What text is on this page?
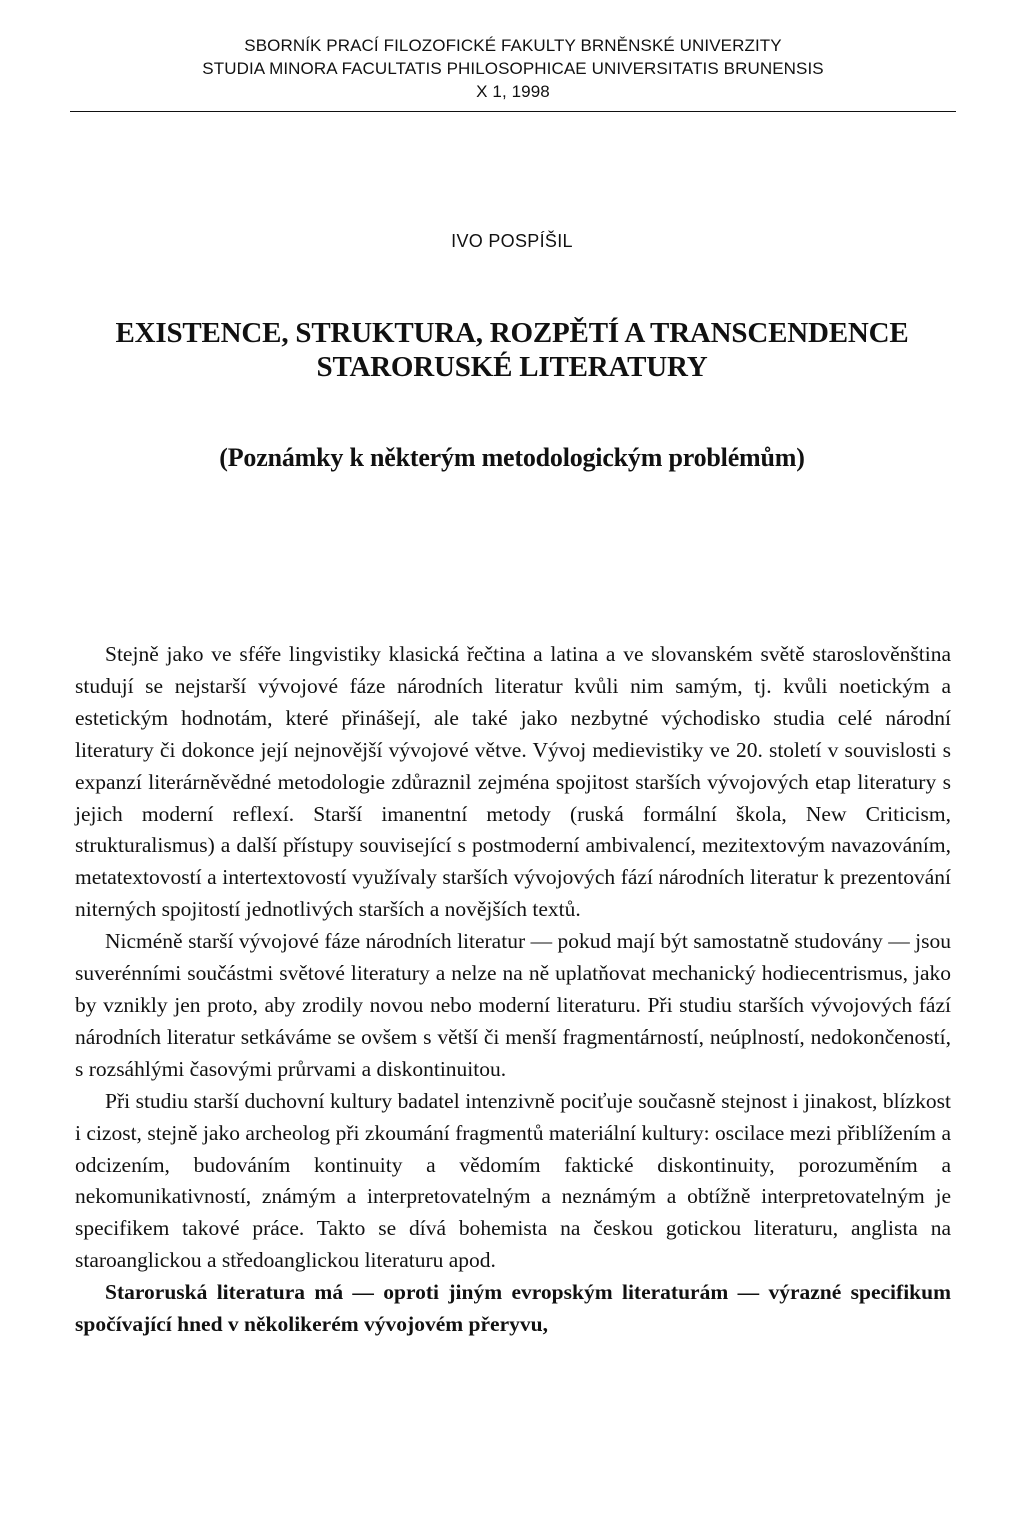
SBORNÍK PRACÍ FILOZOFICKÉ FAKULTY BRNĚNSKÉ UNIVERZITY
STUDIA MINORA FACULTATIS PHILOSOPHICAE UNIVERSITATIS BRUNENSIS
X 1, 1998
IVO POSPÍŠIL
EXISTENCE, STRUKTURA, ROZPĚTÍ A TRANSCENDENCE
STARORUSKÉ LITERATURY
(Poznámky k některým metodologickým problémům)

Stejně jako ve sféře lingvistiky klasická řečtina a latina a ve slovanském světě staroslověnština studují se nejstarší vývojové fáze národních literatur kvůli nim samým, tj. kvůli noetickým a estetickým hodnotám, které přinášejí, ale také jako nezbytné východisko studia celé národní literatury či dokonce její nejnovější vývojové větve. Vývoj medievistiky ve 20. století v souvislosti s expanzí literárněvědné metodologie zdůraznil zejména spojitost starších vývojových etap literatury s jejich moderní reflexí. Starší imanentní metody (ruská formální škola, New Criticism, strukturalismus) a další přístupy související s postmoderní ambivalencí, mezitextovým navazováním, metatextovostí a intertextovostí využívaly starších vývojových fází národních literatur k prezentování niterných spojitostí jednotlivých starších a novějších textů.

Nicméně starší vývojové fáze národních literatur — pokud mají být samostatně studovány — jsou suverénními součástmi světové literatury a nelze na ně uplatňovat mechanický hodiecentrismus, jako by vznikly jen proto, aby zrodily novou nebo moderní literaturu. Při studiu starších vývojových fází národních literatur setkáváme se ovšem s větší či menší fragmentárností, neúplností, nedokončeností, s rozsáhlými časovými průrvami a diskontinuitou.

Při studiu starší duchovní kultury badatel intenzivně pociťuje současně stejnost i jinakost, blízkost i cizost, stejně jako archeolog při zkoumání fragmentů materiální kultury: oscilace mezi přiblížením a odcizením, budováním kontinuity a vědomím faktické diskontinuity, porozuměním a nekomunikativností, známým a interpretovatelným a neznámým a obtížně interpretovatelným je specifikem takové práce. Takto se dívá bohemista na českou gotickou literaturu, anglista na staroanglickou a středoanglickou literaturu apod.

Staroruská literatura má — oproti jiným evropským literaturám — výrazné specifikum spočívající hned v několikerém vývojovém přeryvu,
